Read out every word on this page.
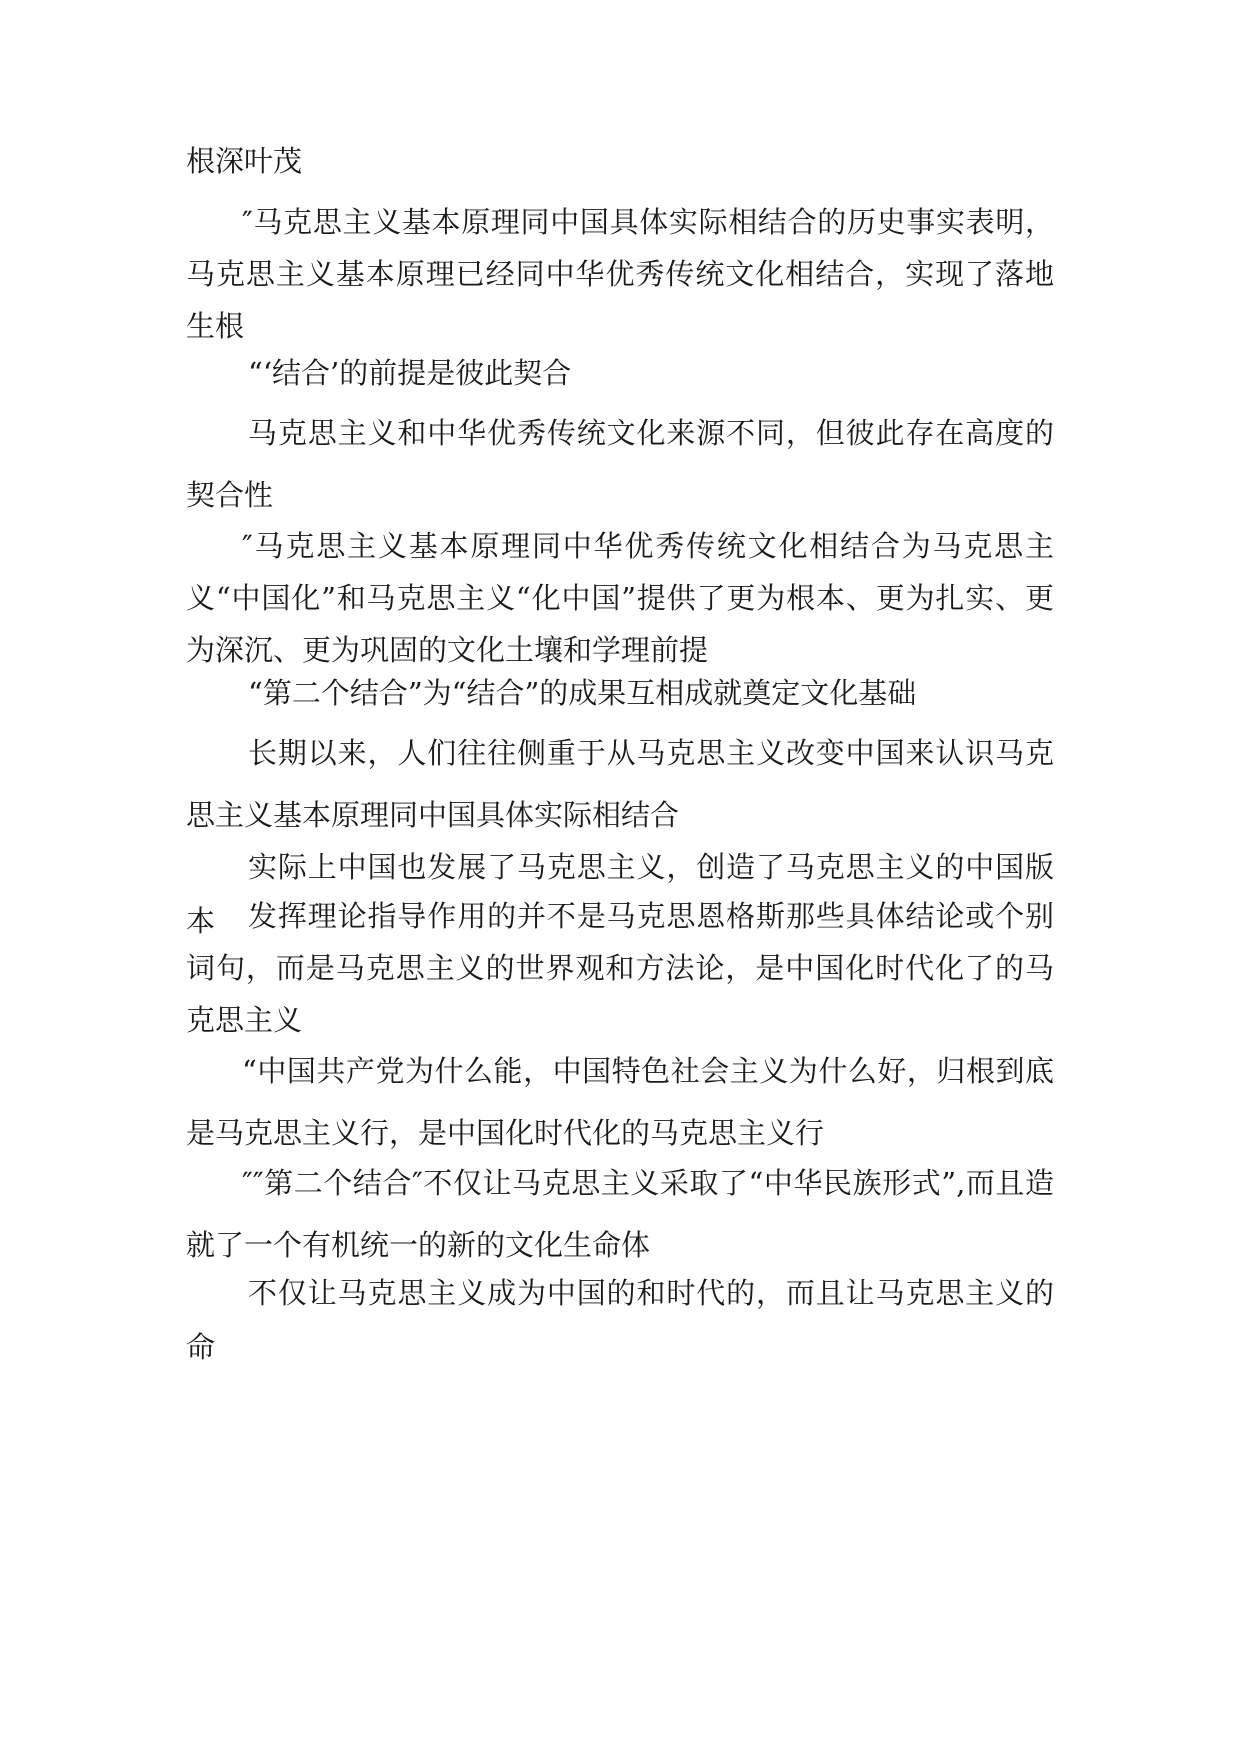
根深叶茂

″马克思主义基本原理同中国具体实际相结合的历史事实表明，马克思主义基本原理已经同中华优秀传统文化相结合，实现了落地生根

“‘结合’的前提是彼此契合

马克思主义和中华优秀传统文化来源不同，但彼此存在高度的契合性

″马克思主义基本原理同中华优秀传统文化相结合为马克思主义“中国化”和马克思主义“化中国”提供了更为根本、更为扎实、更为深沉、更为巩固的文化土壤和学理前提

“第二个结合”为“结合”的成果互相成就奠定文化基础

长期以来，人们往往侧重于从马克思主义改变中国来认识马克思主义基本原理同中国具体实际相结合

实际上中国也发展了马克思主义，创造了马克思主义的中国版本	发挥理论指导作用的并不是马克思恩格斯那些具体结论或个别词句，而是马克思主义的世界观和方法论，是中国化时代化了的马克思主义

“中国共产党为什么能，中国特色社会主义为什么好，归根到底是马克思主义行，是中国化时代化的马克思主义行

″″第二个结合″不仅让马克思主义采取了“中华民族形式”,而且造就了一个有机统一的新的文化生命体

不仅让马克思主义成为中国的和时代的，而且让马克思主义的命
